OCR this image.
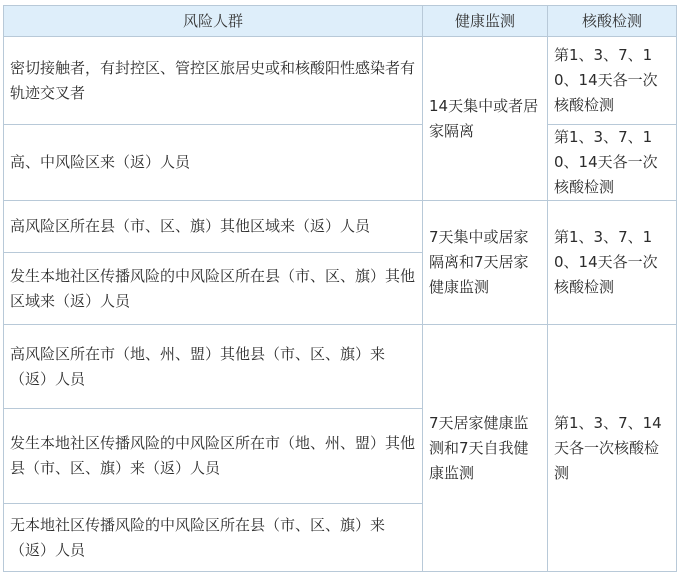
风险人群	健康监测	核酸检测
密切接触者，有封控区、管控区旅居史或和核酸阳性感染者有轨迹交叉者	14天集中或者居家隔离	第1、3、7、10、14天各一次核酸检测
高、中风险区来（返）人员		第1、3、7、10、14天各一次核酸检测
高风险区所在县（市、区、旗）其他区域来（返）人员	7天集中或居家隔离和7天居家健康监测	第1、3、7、10、14天各一次核酸检测
发生本地社区传播风险的中风险区所在县（市、区、旗）其他区域来（返）人员		
高风险区所在市（地、州、盟）其他县（市、区、旗）来（返）人员	7天居家健康监测和7天自我健康监测	第1、3、7、14天各一次核酸检测
发生本地社区传播风险的中风险区所在市（地、州、盟）其他县（市、区、旗）来（返）人员		
无本地社区传播风险的中风险区所在县（市、区、旗）来（返）人员		
